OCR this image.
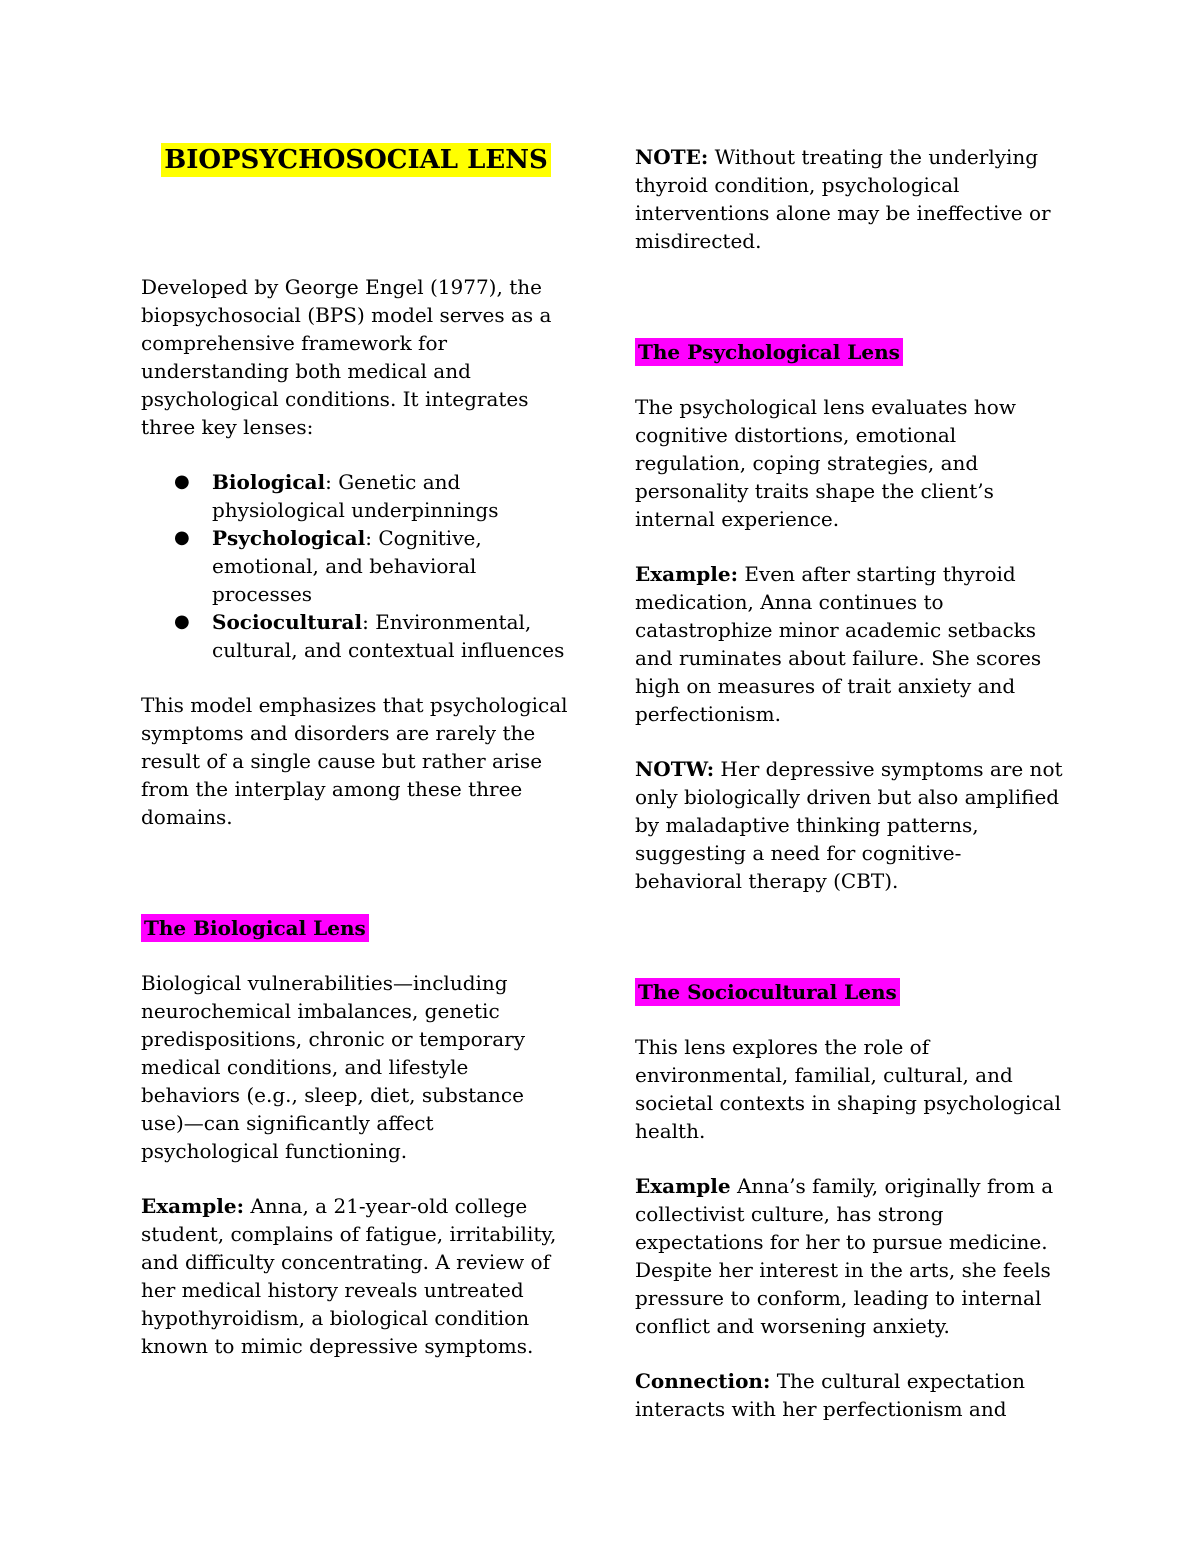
BIOPSYCHOSOCIAL LENS

Developed by George Engel (1977), the biopsychosocial (BPS) model serves as a comprehensive framework for understanding both medical and psychological conditions. It integrates three key lenses:

● Biological: Genetic and physiological underpinnings
● Psychological: Cognitive, emotional, and behavioral processes
● Sociocultural: Environmental, cultural, and contextual influences

This model emphasizes that psychological symptoms and disorders are rarely the result of a single cause but rather arise from the interplay among these three domains.

The Biological Lens

Biological vulnerabilities—including neurochemical imbalances, genetic predispositions, chronic or temporary medical conditions, and lifestyle behaviors (e.g., sleep, diet, substance use)—can significantly affect psychological functioning.

Example: Anna, a 21-year-old college student, complains of fatigue, irritability, and difficulty concentrating. A review of her medical history reveals untreated hypothyroidism, a biological condition known to mimic depressive symptoms.

NOTE: Without treating the underlying thyroid condition, psychological interventions alone may be ineffective or misdirected.

The Psychological Lens

The psychological lens evaluates how cognitive distortions, emotional regulation, coping strategies, and personality traits shape the client’s internal experience.

Example: Even after starting thyroid medication, Anna continues to catastrophize minor academic setbacks and ruminates about failure. She scores high on measures of trait anxiety and perfectionism.

NOTW: Her depressive symptoms are not only biologically driven but also amplified by maladaptive thinking patterns, suggesting a need for cognitive-behavioral therapy (CBT).

The Sociocultural Lens

This lens explores the role of environmental, familial, cultural, and societal contexts in shaping psychological health.

Example Anna’s family, originally from a collectivist culture, has strong expectations for her to pursue medicine. Despite her interest in the arts, she feels pressure to conform, leading to internal conflict and worsening anxiety.

Connection: The cultural expectation interacts with her perfectionism and
